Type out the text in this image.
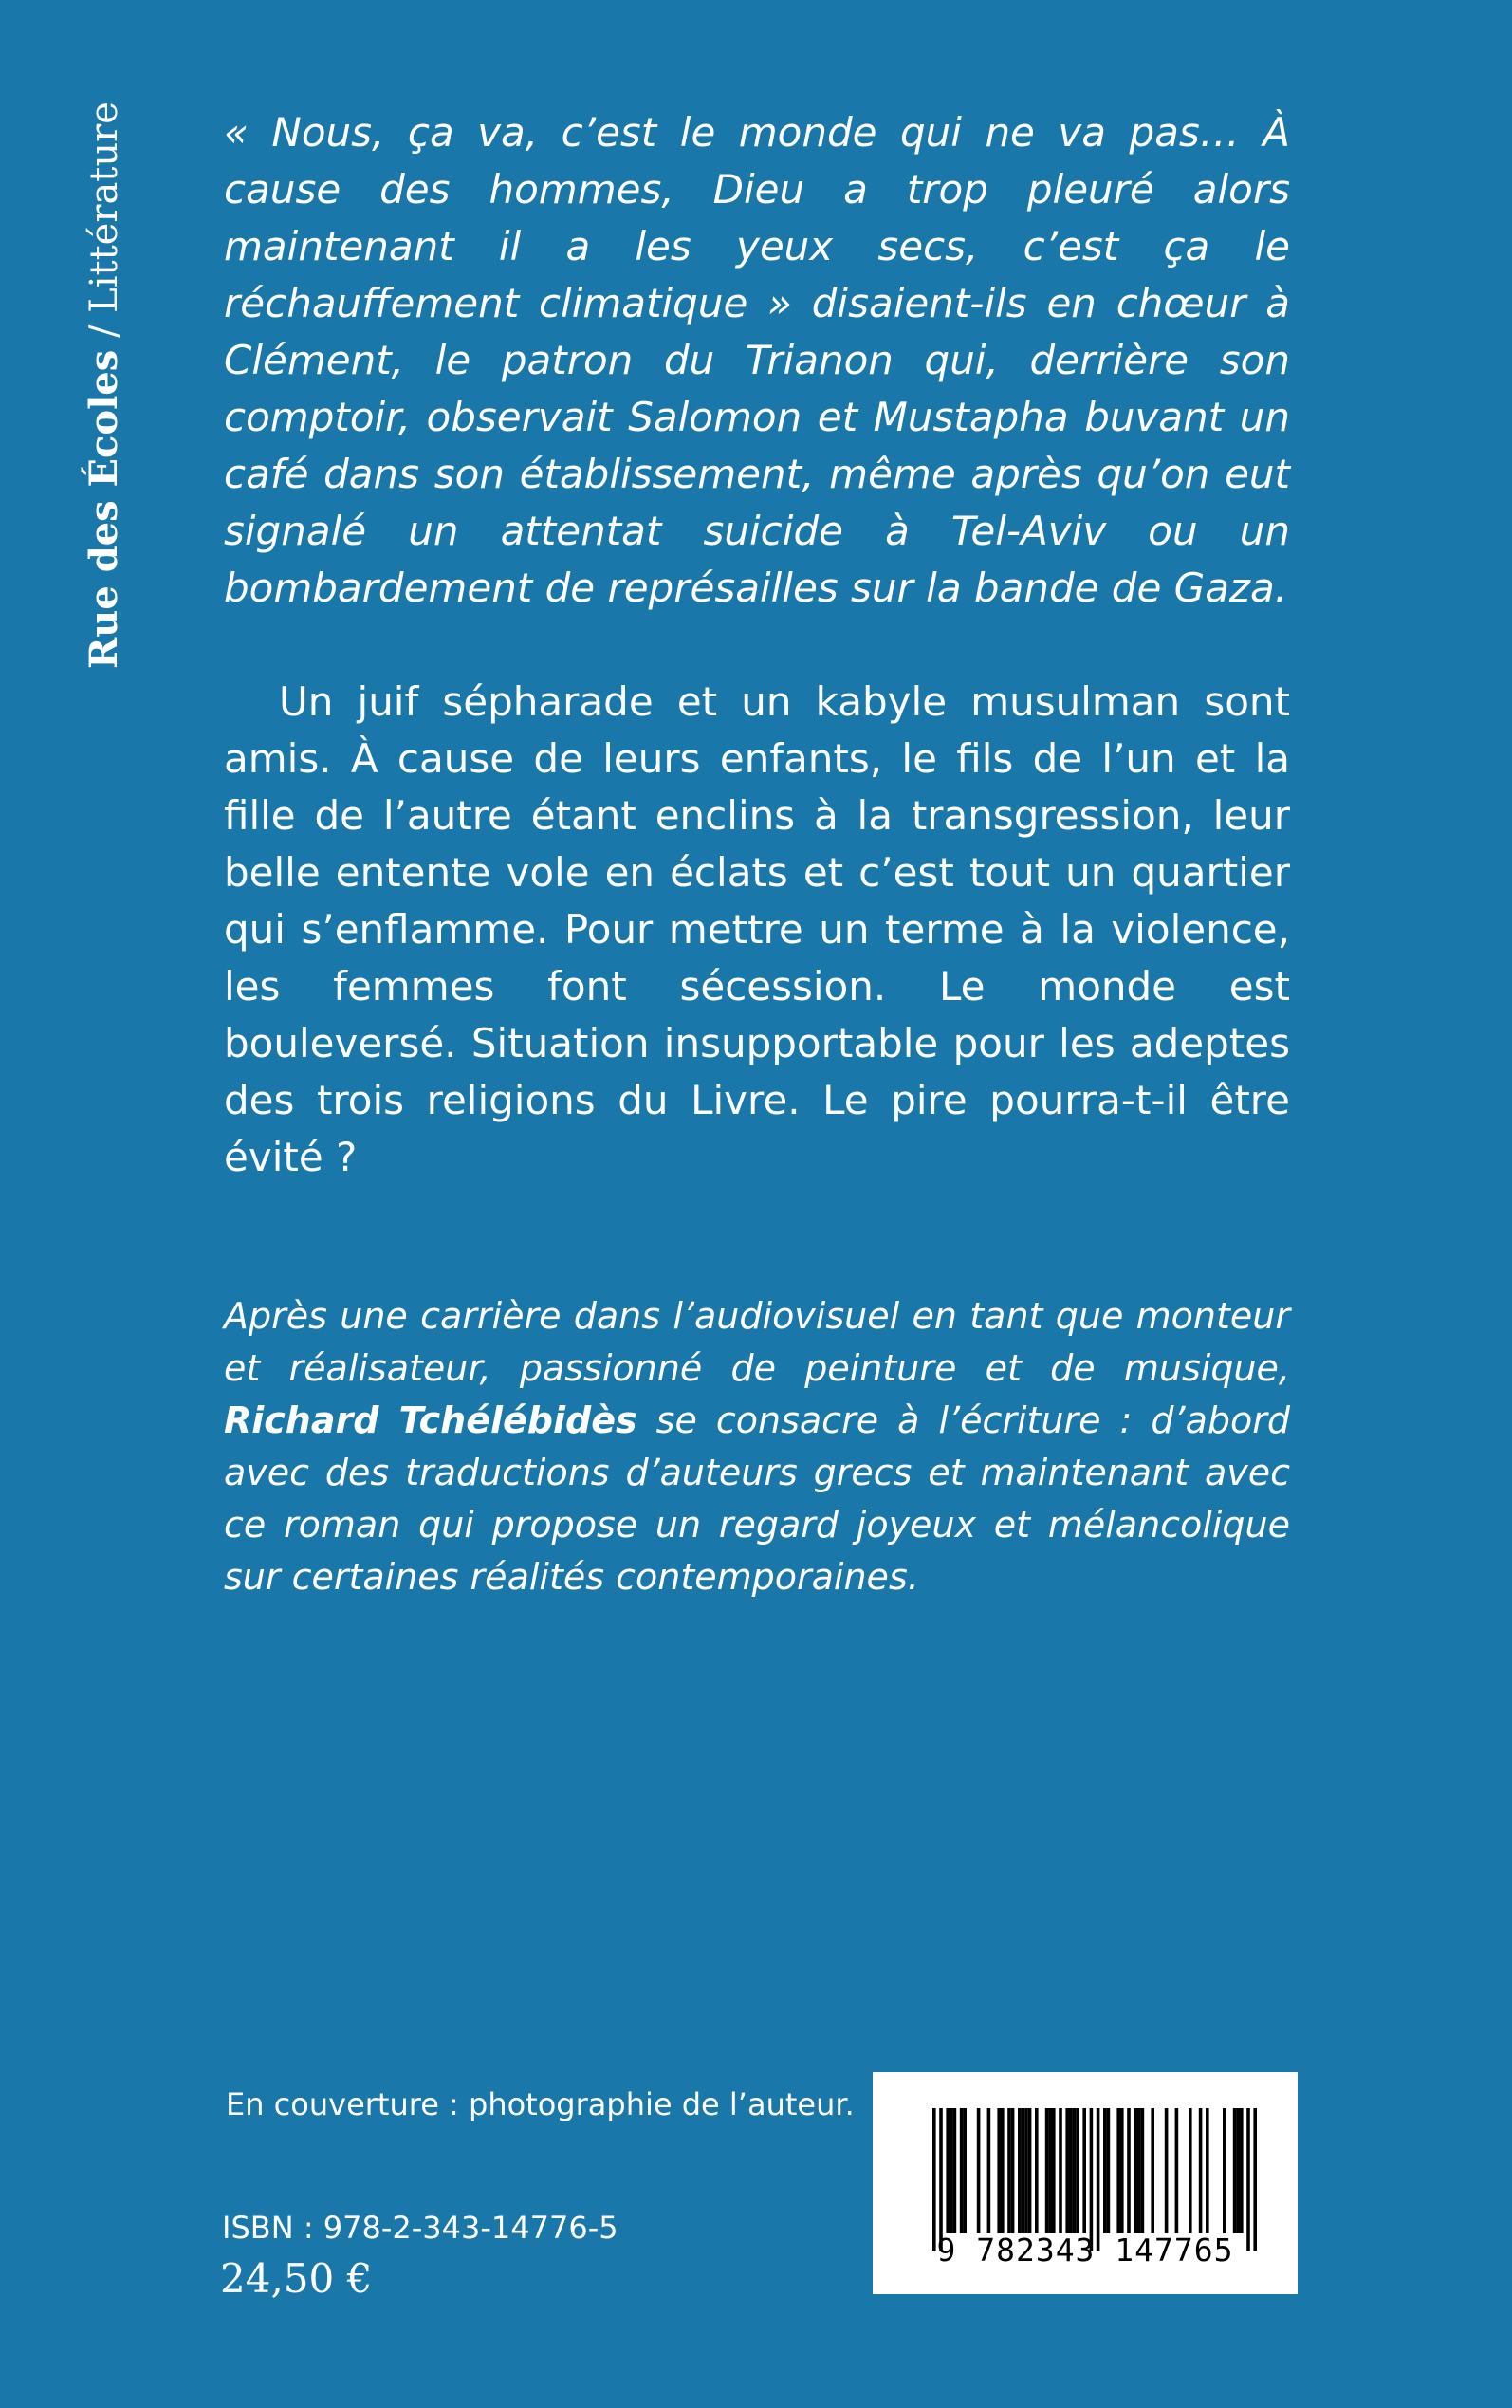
Rue des Écoles / Littérature « Nous, ça va, c’est le monde qui ne va pas… À cause des hommes, Dieu a trop pleuré alors maintenant il a les yeux secs, c’est ça le réchauffement climatique » disaient-ils en chœur à Clément, le patron du Trianon qui, derrière son comptoir, observait Salomon et Mustapha buvant un café dans son établissement, même après qu’on eut signalé un attentat suicide à Tel-Aviv ou un bombardement de représailles sur la bande de Gaza.

Un juif sépharade et un kabyle musulman sont amis. À cause de leurs enfants, le fils de l’un et la fille de l’autre étant enclins à la transgression, leur belle entente vole en éclats et c’est tout un quartier qui s’enflamme. Pour mettre un terme à la violence, les femmes font sécession. Le monde est bouleversé. Situation insupportable pour les adeptes des trois religions du Livre. Le pire pourra-t-il être évité ?

Après une carrière dans l’audiovisuel en tant que monteur et réalisateur, passionné de peinture et de musique, Richard Tchélébidès se consacre à l’écriture : d’abord avec des traductions d’auteurs grecs et maintenant avec ce roman qui propose un regard joyeux et mélancolique sur certaines réalités contemporaines.

En couverture : photographie de l’auteur.
ISBN : 978-2-343-14776-5
24,50 €
9 782343 147765
